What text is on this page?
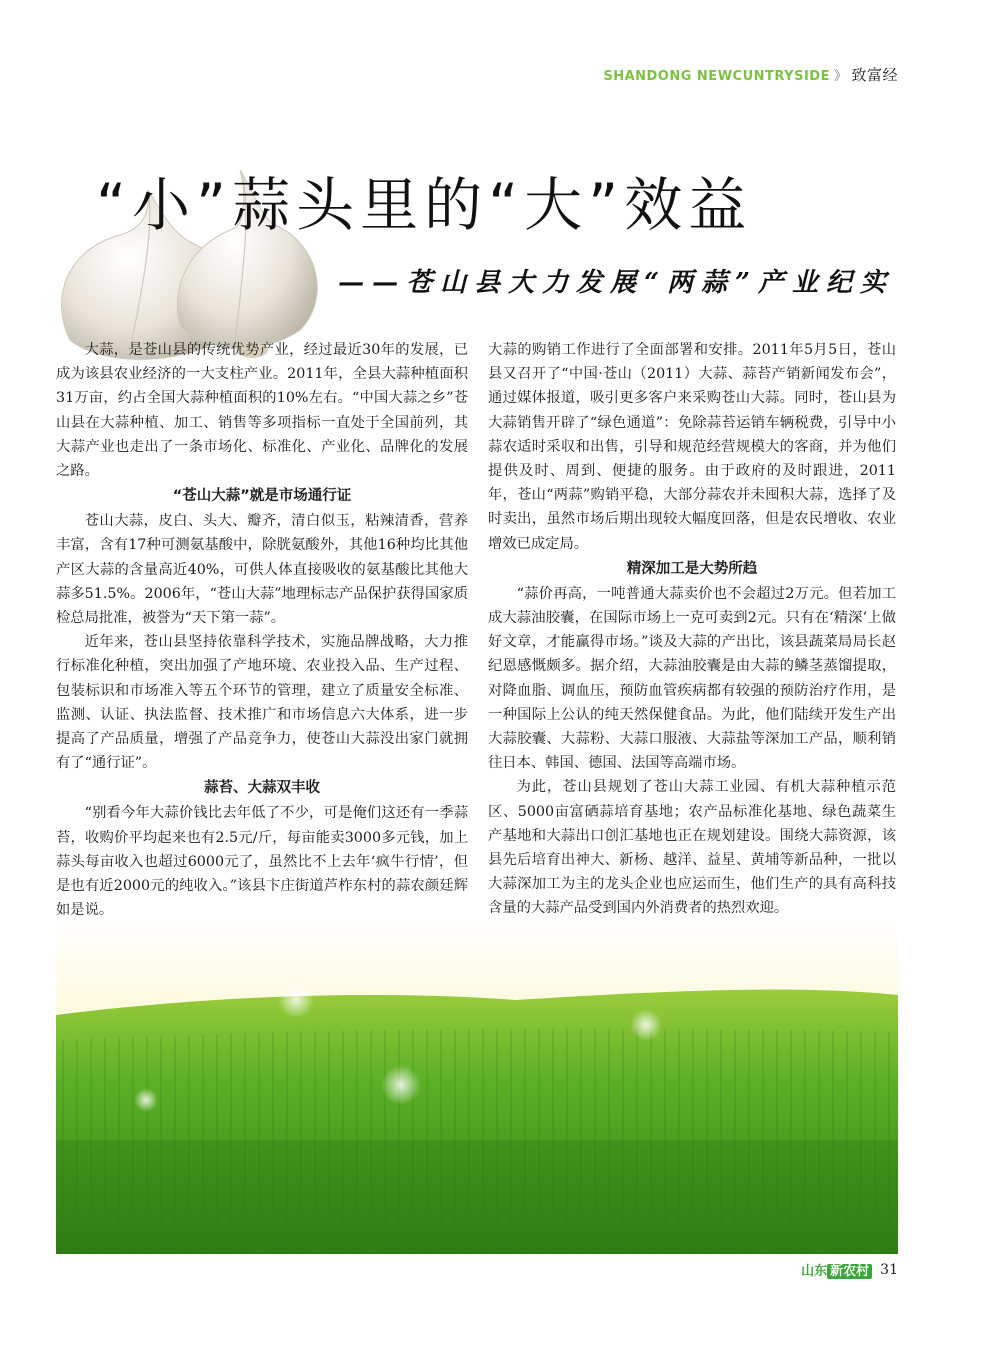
SHANDONG NEWCUNTRYSIDE 》 致富经
“小”蒜头里的“大”效益
——苍山县大力发展“两蒜”产业纪实

大蒜，是苍山县的传统优势产业，经过最近30年的发展，已成为该县农业经济的一大支柱产业。2011年，全县大蒜种植面积31万亩，约占全国大蒜种植面积的10%左右。“中国大蒜之乡”苍山县在大蒜种植、加工、销售等多项指标一直处于全国前列，其大蒜产业也走出了一条市场化、标准化、产业化、品牌化的发展之路。

“苍山大蒜”就是市场通行证

苍山大蒜，皮白、头大、瓣齐，清白似玉，粘辣清香，营养丰富，含有17种可测氨基酸中，除胱氨酸外，其他16种均比其他产区大蒜的含量高近40%，可供人体直接吸收的氨基酸比其他大蒜多51.5%。2006年，“苍山大蒜”地理标志产品保护获得国家质检总局批准，被誉为“天下第一蒜”。

近年来，苍山县坚持依靠科学技术，实施品牌战略，大力推行标准化种植，突出加强了产地环境、农业投入品、生产过程、包装标识和市场准入等五个环节的管理，建立了质量安全标准、监测、认证、执法监督、技术推广和市场信息六大体系，进一步提高了产品质量，增强了产品竞争力，使苍山大蒜没出家门就拥有了“通行证”。

蒜苔、大蒜双丰收

“别看今年大蒜价钱比去年低了不少，可是俺们这还有一季蒜苔，收购价平均起来也有2.5元/斤，每亩能卖3000多元钱，加上蒜头每亩收入也超过6000元了，虽然比不上去年‘疯牛行情’，但是也有近2000元的纯收入。”该县卞庄街道芦柞东村的蒜农颜廷辉如是说。

大蒜的购销工作进行了全面部署和安排。2011年5月5日，苍山县又召开了“中国·苍山（2011）大蒜、蒜苔产销新闻发布会”，通过媒体报道，吸引更多客户来采购苍山大蒜。同时，苍山县为大蒜销售开辟了“绿色通道”：免除蒜苔运销车辆税费，引导中小蒜农适时采収和出售，引导和规范经营规模大的客商，并为他们提供及时、周到、便捷的服务。由于政府的及时跟进，2011年，苍山“两蒜”购销平稳，大部分蒜农并未囤积大蒜，选择了及时卖出，虽然市场后期出现较大幅度回落，但是农民增收、农业增效已成定局。

精深加工是大势所趋

“蒜价再高，一吨普通大蒜卖价也不会超过2万元。但若加工成大蒜油胶囊，在国际市场上一克可卖到2元。只有在‘精深’上做好文章，才能赢得市场。”谈及大蒜的产出比，该县蔬菜局局长赵纪恩感慨颇多。据介绍，大蒜油胶囊是由大蒜的鳞茎蒸馏提取，对降血脂、调血压，预防血管疾病都有较强的预防治疗作用，是一种国际上公认的纯天然保健食品。为此，他们陆续开发生产出大蒜胶囊、大蒜粉、大蒜口服液、大蒜盐等深加工产品，顺利销往日本、韩国、德国、法国等高端市场。

为此，苍山县规划了苍山大蒜工业园、有机大蒜种植示范区、5000亩富硒蒜培育基地；农产品标准化基地、绿色蔬菜生产基地和大蒜出口创汇基地也正在规划建设。围绕大蒜资源，该县先后培育出神大、新杨、越洋、益星、黄埔等新品种，一批以大蒜深加工为主的龙头企业也应运而生，他们生产的具有高科技含量的大蒜产品受到国内外消费者的热烈欢迎。

山东 新农村 31
